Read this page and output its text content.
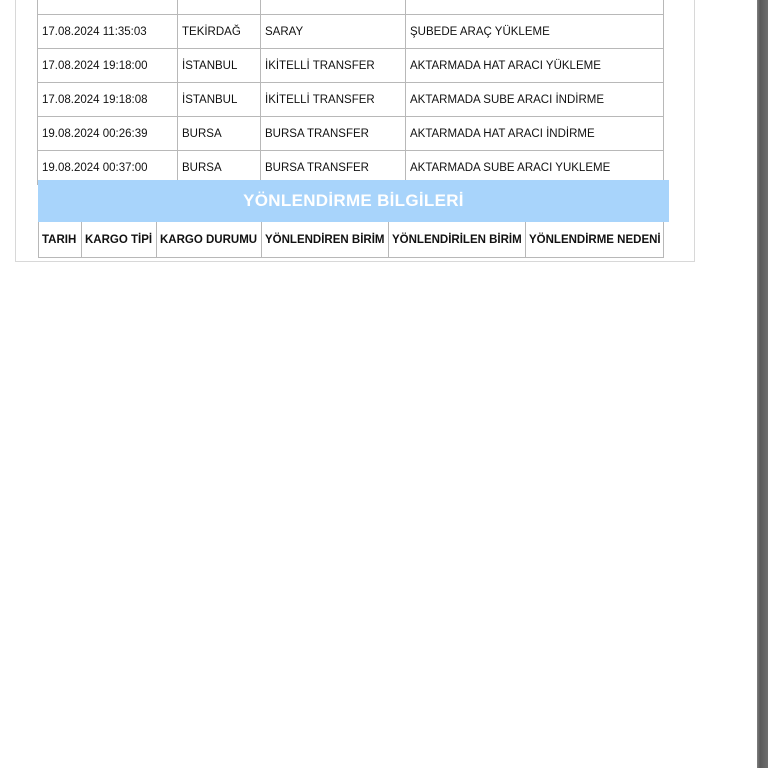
17.08.2024 11:35:03	TEKİRDAĞ	SARAY	ŞUBEDE ARAÇ YÜKLEME
17.08.2024 19:18:00	İSTANBUL	İKİTELLİ TRANSFER	AKTARMADA HAT ARACI YÜKLEME
17.08.2024 19:18:08	İSTANBUL	İKİTELLİ TRANSFER	AKTARMADA SUBE ARACI İNDİRME
19.08.2024 00:26:39	BURSA	BURSA TRANSFER	AKTARMADA HAT ARACI İNDİRME
19.08.2024 00:37:00	BURSA	BURSA TRANSFER	AKTARMADA SUBE ARACI YUKLEME
YÖNLENDİRME BİLGİLERİ
TARIH	KARGO TİPİ	KARGO DURUMU	YÖNLENDİREN BİRİM	YÖNLENDİRİLEN BİRİM	YÖNLENDİRME NEDENİ
